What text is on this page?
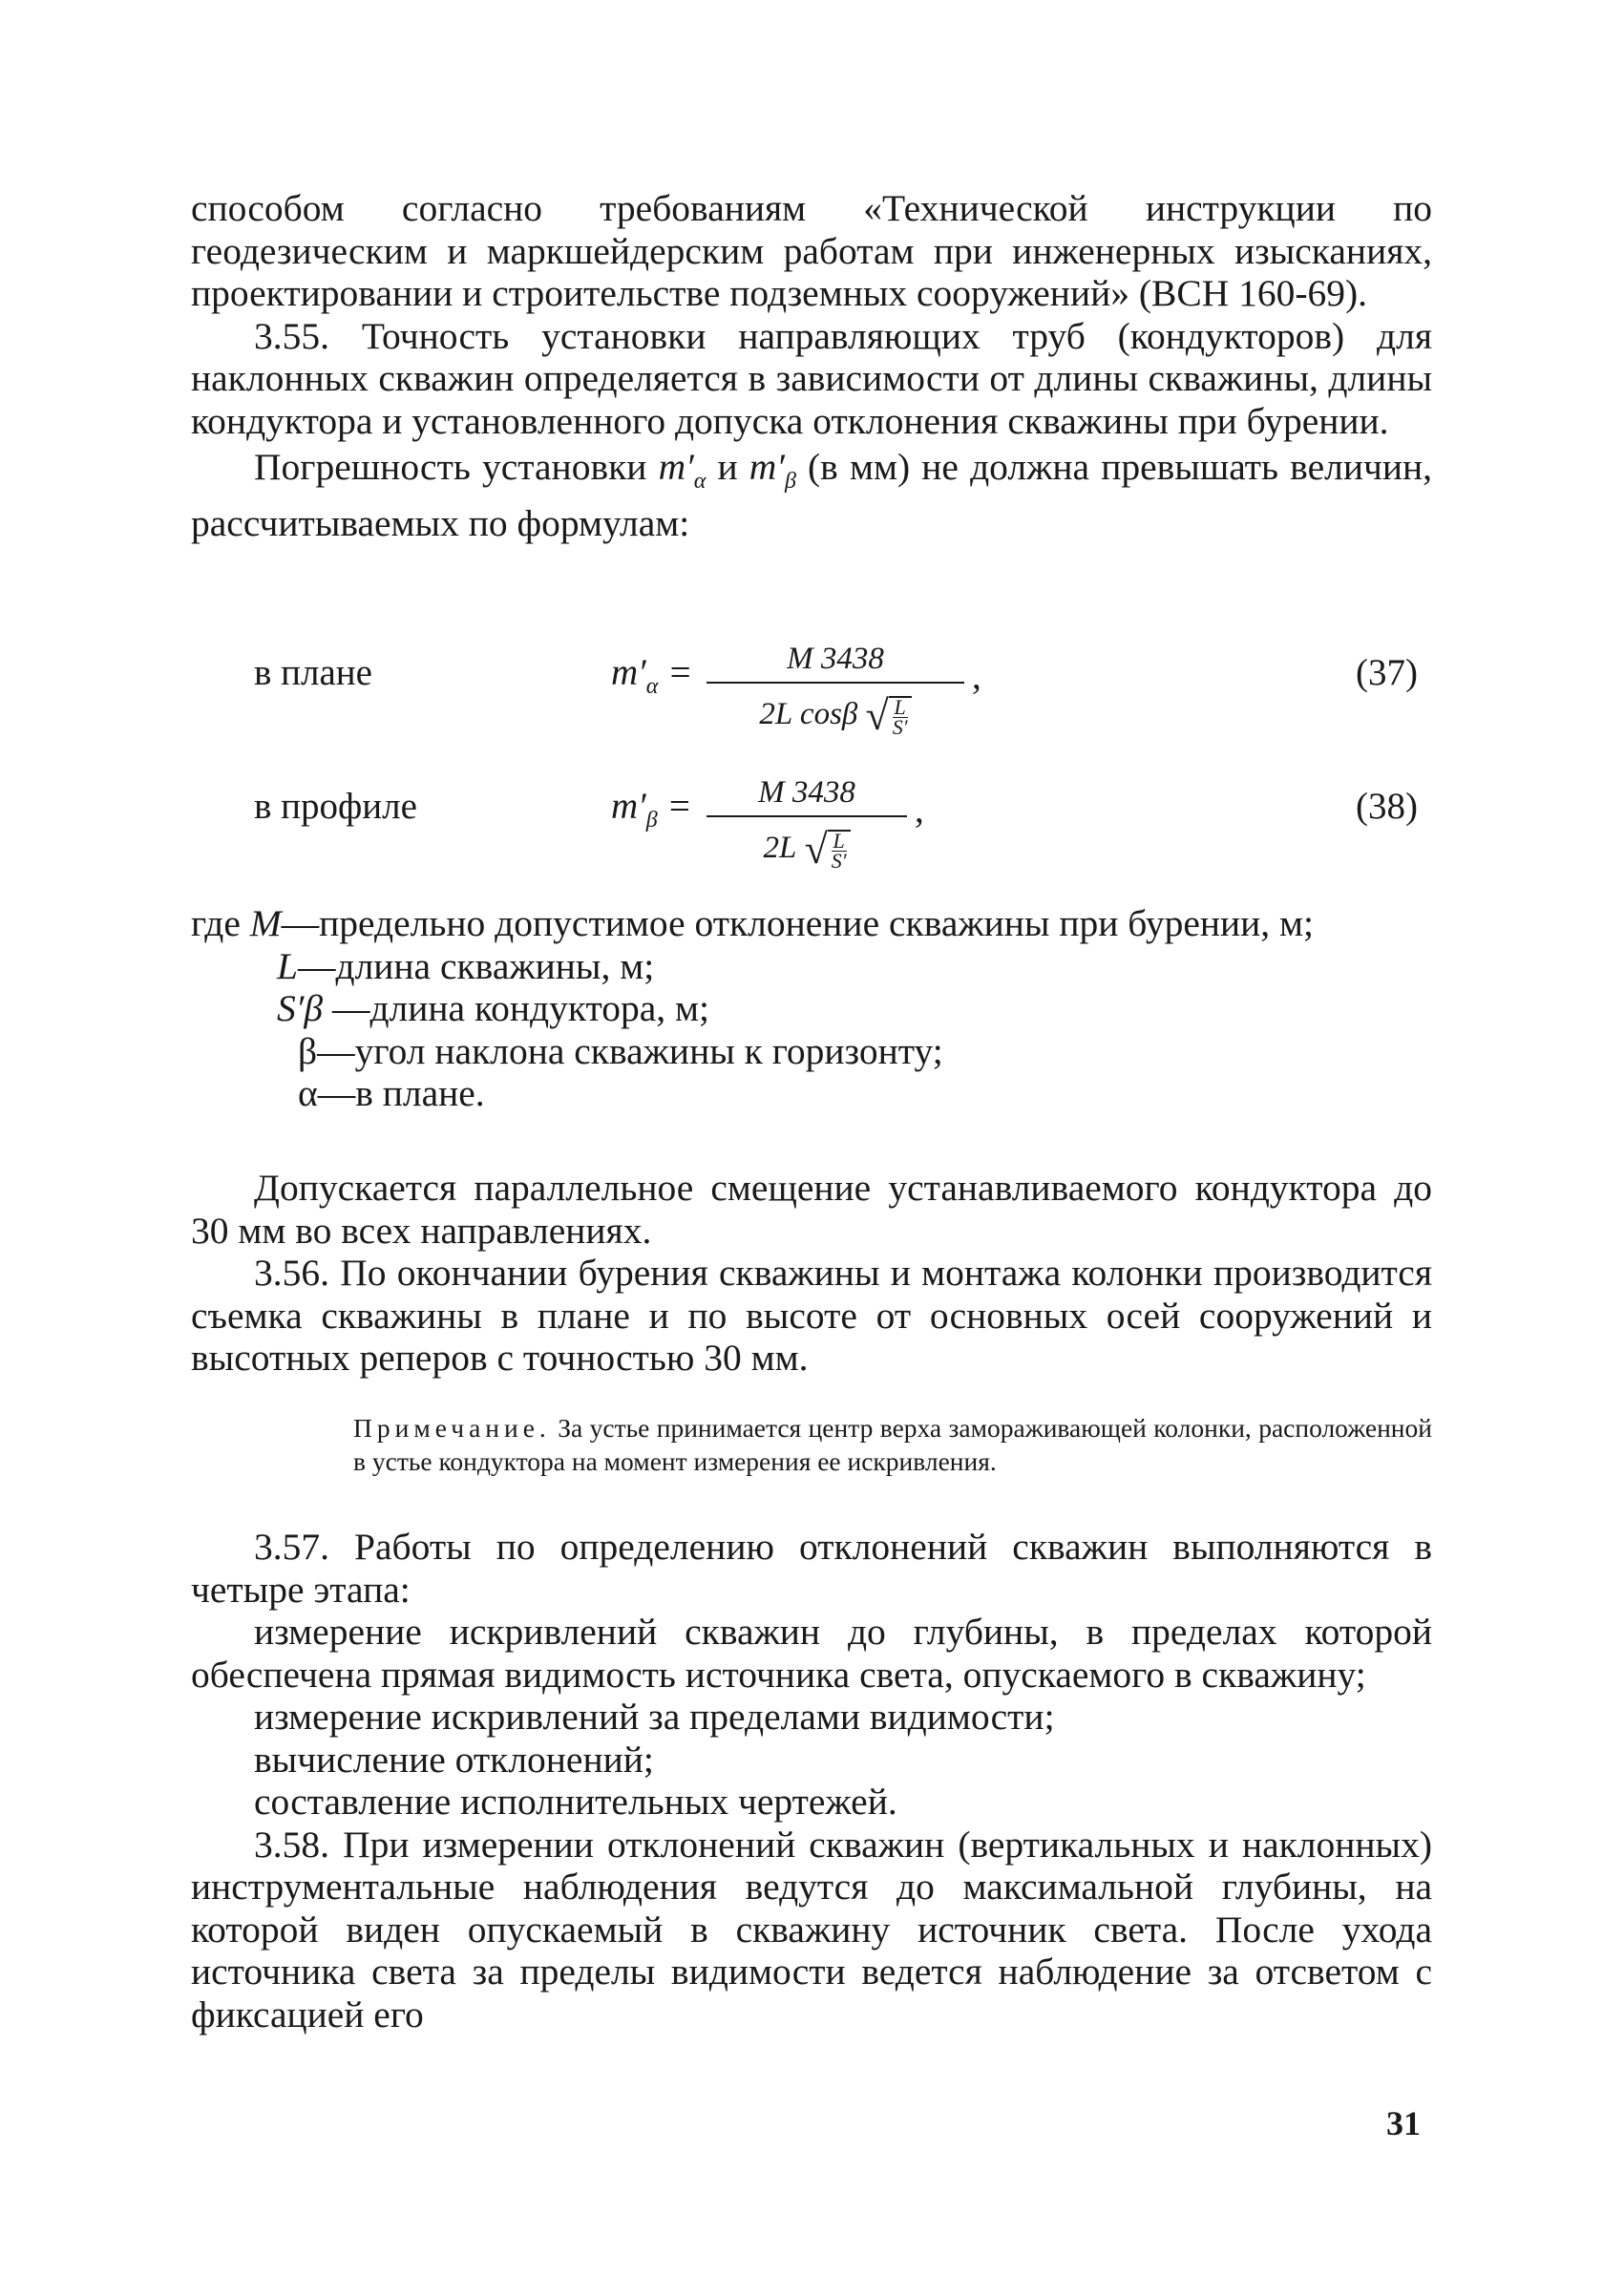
способом согласно требованиям «Технической инструкции по геодезическим и маркшейдерским работам при инженерных изысканиях, проектировании и строительстве подземных сооружений» (ВСН 160-69).

3.55. Точность установки направляющих труб (кондукторов) для наклонных скважин определяется в зависимости от длины скважины, длины кондуктора и установленного допуска отклонения скважины при бурении.

Погрешность установки $m'_\alpha$ и $m'_\beta$ (в мм) не должна превышать величин, рассчитываемых по формулам:

в плане	$m'_\alpha$ =	M 3438
2L cosβ √ $\frac{L}{S'}$
,	(37)
в профиле	$m'_\beta$ =	M 3438
2L √ $\frac{L}{S'}$
,	(38)
где M—предельно допустимое отклонение скважины при бурении, м;
L—длина скважины, м;
S′β —длина кондуктора, м;
β—угол наклона скважины к горизонту;
α—в плане.

Допускается параллельное смещение устанавливаемого кондуктора до 30 мм во всех направлениях.

3.56. По окончании бурения скважины и монтажа колонки производится съемка скважины в плане и по высоте от основных осей сооружений и высотных реперов с точностью 30 мм.

Примечание. За устье принимается центр верха замораживающей колонки, расположенной в устье кондуктора на момент измерения ее искривления.

3.57. Работы по определению отклонений скважин выполняются в четыре этапа:

измерение искривлений скважин до глубины, в пределах которой обеспечена прямая видимость источника света, опускаемого в скважину;

измерение искривлений за пределами видимости;

вычисление отклонений;

составление исполнительных чертежей.

3.58. При измерении отклонений скважин (вертикальных и наклонных) инструментальные наблюдения ведутся до максимальной глубины, на которой виден опускаемый в скважину источник света. После ухода источника света за пределы видимости ведется наблюдение за отсветом с фиксацией его

31
